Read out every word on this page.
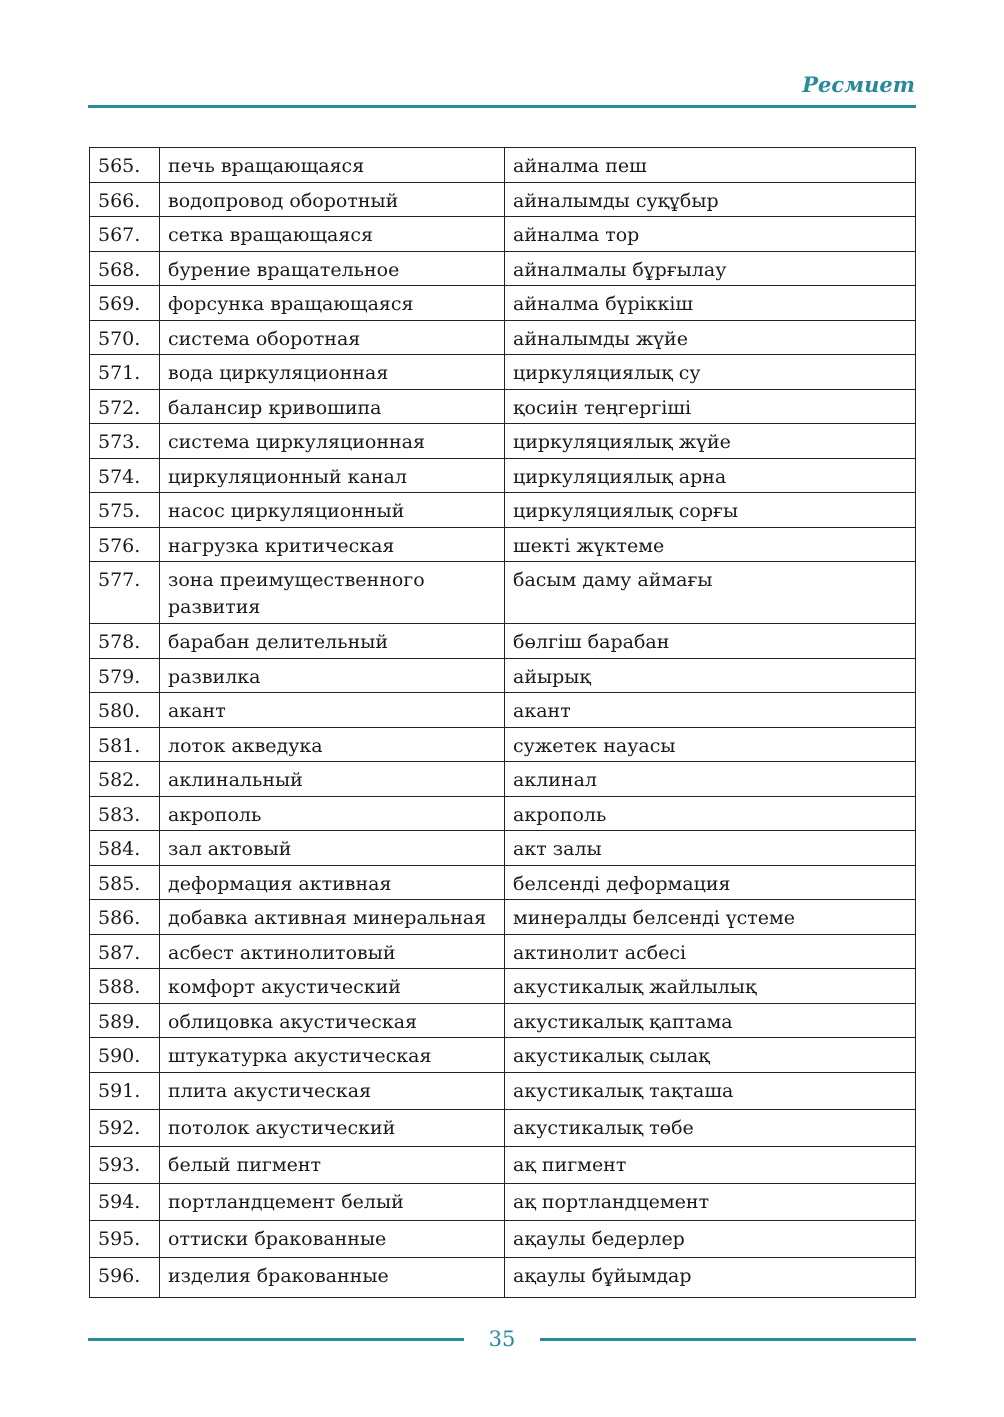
Ресмиет
565.	печь вращающаяся	айналма пеш
566.	водопровод оборотный	айналымды суқұбыр
567.	сетка вращающаяся	айналма тор
568.	бурение вращательное	айналмалы бұрғылау
569.	форсунка вращающаяся	айналма бүріккіш
570.	система оборотная	айналымды жүйе
571.	вода циркуляционная	циркуляциялық су
572.	балансир кривошипа	қосиін теңгергіші
573.	система циркуляционная	циркуляциялық жүйе
574.	циркуляционный канал	циркуляциялық арна
575.	насос циркуляционный	циркуляциялық сорғы
576.	нагрузка критическая	шекті жүктеме
577.	зона преимущественного развития	басым даму аймағы
578.	барабан делительный	бөлгіш барабан
579.	развилка	айырық
580.	акант	акант
581.	лоток акведука	сужетек науасы
582.	аклинальный	аклинал
583.	акрополь	акрополь
584.	зал актовый	акт залы
585.	деформация активная	белсенді деформация
586.	добавка активная минеральная	минералды белсенді үстеме
587.	асбест актинолитовый	актинолит асбесі
588.	комфорт акустический	акустикалық жайлылық
589.	облицовка акустическая	акустикалық қаптама
590.	штукатурка акустическая	акустикалық сылақ
591.	плита акустическая	акустикалық тақташа
592.	потолок акустический	акустикалық төбе
593.	белый пигмент	ақ пигмент
594.	портландцемент белый	ақ портландцемент
595.	оттиски бракованные	ақаулы бедерлер
596.	изделия бракованные	ақаулы бұйымдар
35
